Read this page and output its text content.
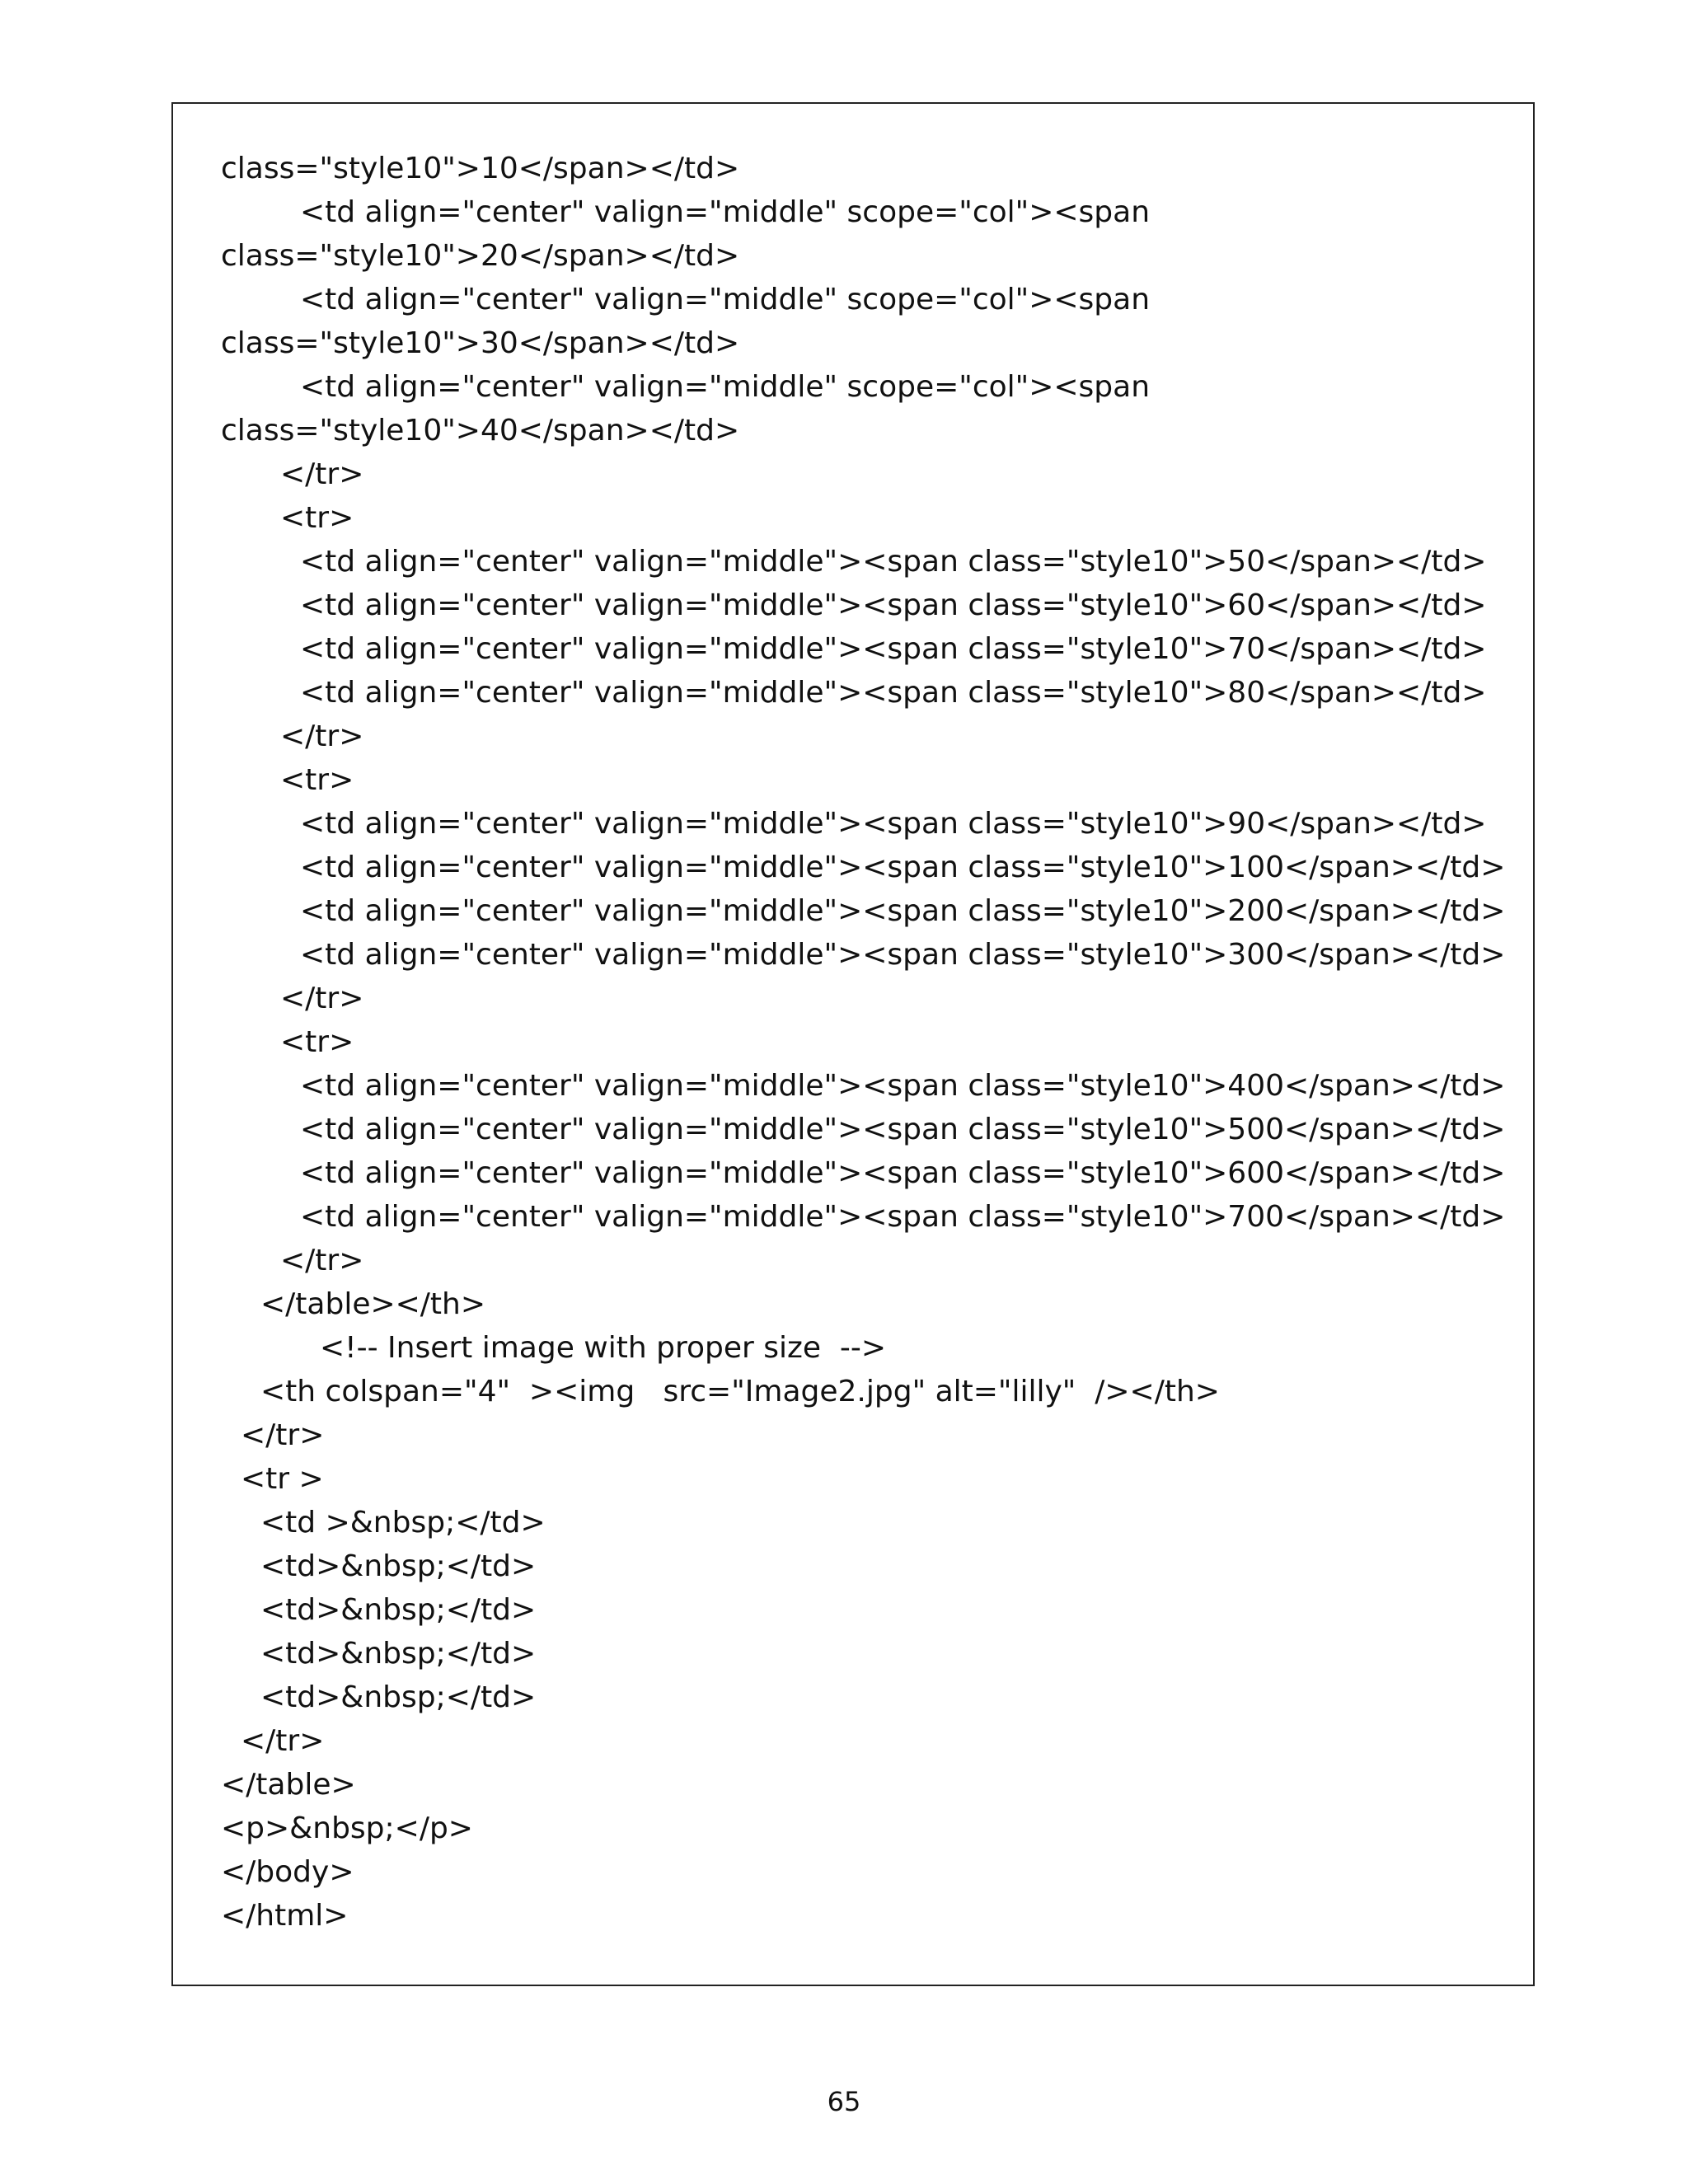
class="style10">10</span></td>
<td align="center" valign="middle" scope="col"><span
class="style10">20</span></td>
<td align="center" valign="middle" scope="col"><span
class="style10">30</span></td>
<td align="center" valign="middle" scope="col"><span
class="style10">40</span></td>
</tr>
<tr>
<td align="center" valign="middle"><span class="style10">50</span></td>
<td align="center" valign="middle"><span class="style10">60</span></td>
<td align="center" valign="middle"><span class="style10">70</span></td>
<td align="center" valign="middle"><span class="style10">80</span></td>
</tr>
<tr>
<td align="center" valign="middle"><span class="style10">90</span></td>
<td align="center" valign="middle"><span class="style10">100</span></td>
<td align="center" valign="middle"><span class="style10">200</span></td>
<td align="center" valign="middle"><span class="style10">300</span></td>
</tr>
<tr>
<td align="center" valign="middle"><span class="style10">400</span></td>
<td align="center" valign="middle"><span class="style10">500</span></td>
<td align="center" valign="middle"><span class="style10">600</span></td>
<td align="center" valign="middle"><span class="style10">700</span></td>
</tr>
</table></th>
<!-- Insert image with proper size  -->
<th colspan="4"  ><img   src="Image2.jpg" alt="lilly"  /></th>
</tr>
<tr >
<td >&nbsp;</td>
<td>&nbsp;</td>
<td>&nbsp;</td>
<td>&nbsp;</td>
<td>&nbsp;</td>
</tr>
</table>
<p>&nbsp;</p>
</body>
</html>
65
